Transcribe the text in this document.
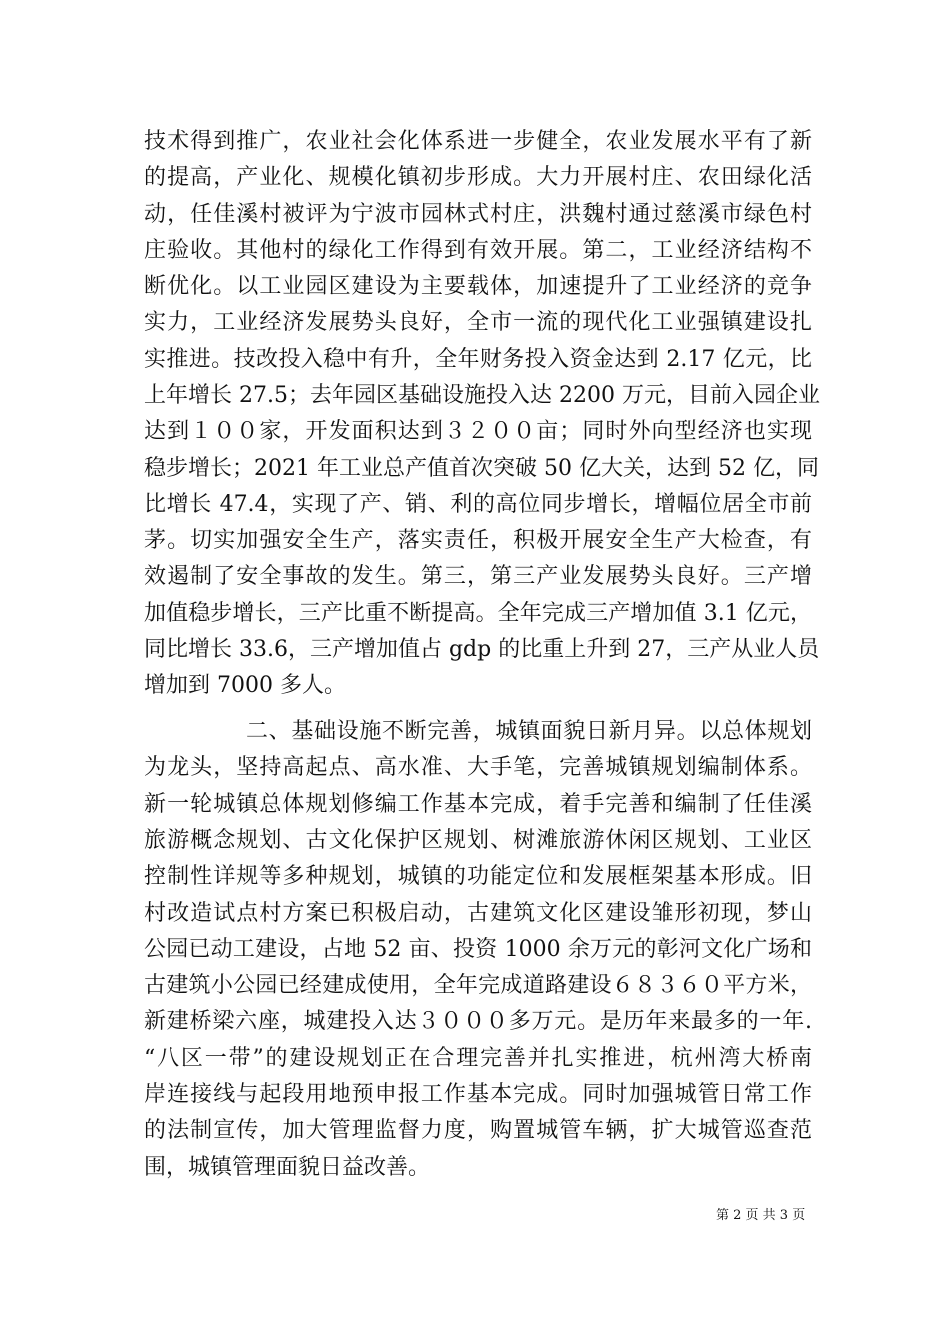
技术得到推广，农业社会化体系进一步健全，农业发展水平有了新
的提高，产业化、规模化镇初步形成。大力开展村庄、农田绿化活
动，任佳溪村被评为宁波市园林式村庄，洪魏村通过慈溪市绿色村
庄验收。其他村的绿化工作得到有效开展。第二，工业经济结构不
断优化。以工业园区建设为主要载体，加速提升了工业经济的竞争
实力，工业经济发展势头良好，全市一流的现代化工业强镇建设扎
实推进。技改投入稳中有升，全年财务投入资金达到 2.17 亿元，比
上年增长 27.5；去年园区基础设施投入达 2200 万元，目前入园企业
达到１００家，开发面积达到３２００亩；同时外向型经济也实现
稳步增长；2021 年工业总产值首次突破 50 亿大关，达到 52 亿，同
比增长 47.4，实现了产、销、利的高位同步增长，增幅位居全市前
茅。切实加强安全生产，落实责任，积极开展安全生产大检查，有
效遏制了安全事故的发生。第三，第三产业发展势头良好。三产增
加值稳步增长，三产比重不断提高。全年完成三产增加值 3.1 亿元，
同比增长 33.6，三产增加值占 gdp 的比重上升到 27，三产从业人员
增加到 7000 多人。
二、基础设施不断完善，城镇面貌日新月异。以总体规划
为龙头，坚持高起点、高水准、大手笔，完善城镇规划编制体系。
新一轮城镇总体规划修编工作基本完成，着手完善和编制了任佳溪
旅游概念规划、古文化保护区规划、树滩旅游休闲区规划、工业区
控制性详规等多种规划，城镇的功能定位和发展框架基本形成。旧
村改造试点村方案已积极启动，古建筑文化区建设雏形初现，梦山
公园已动工建设，占地 52 亩、投资 1000 余万元的彰河文化广场和
古建筑小公园已经建成使用，全年完成道路建设６８３６０平方米，
新建桥梁六座，城建投入达３０００多万元。是历年来最多的一年.
“八区一带”的建设规划正在合理完善并扎实推进，杭州湾大桥南
岸连接线与起段用地预申报工作基本完成。同时加强城管日常工作
的法制宣传，加大管理监督力度，购置城管车辆，扩大城管巡查范
围，城镇管理面貌日益改善。
第 2 页 共 3 页
